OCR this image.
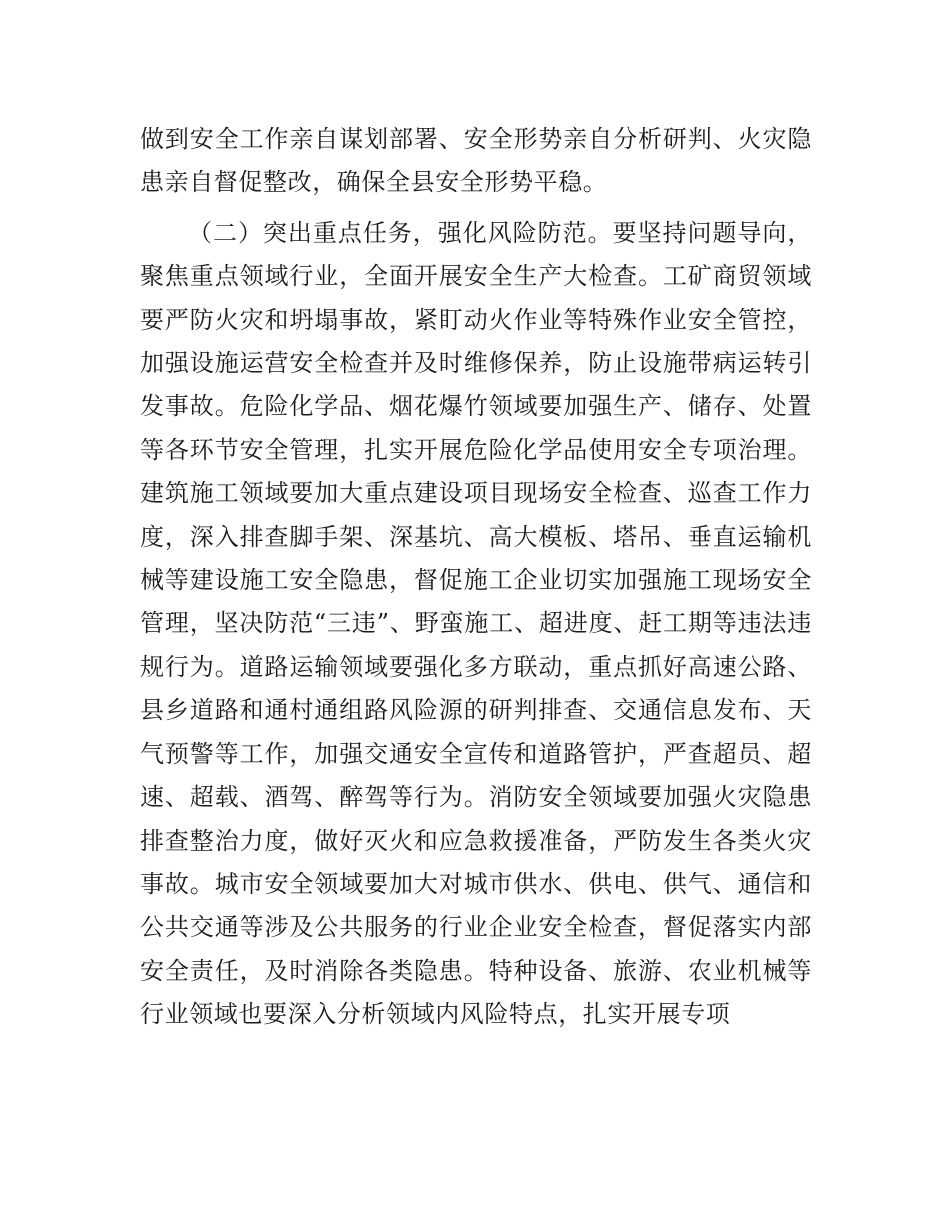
做到安全工作亲自谋划部署、安全形势亲自分析研判、火灾隐患亲自督促整改，确保全县安全形势平稳。

（二）突出重点任务，强化风险防范。要坚持问题导向，聚焦重点领域行业，全面开展安全生产大检查。工矿商贸领域要严防火灾和坍塌事故，紧盯动火作业等特殊作业安全管控，加强设施运营安全检查并及时维修保养，防止设施带病运转引发事故。危险化学品、烟花爆竹领域要加强生产、储存、处置等各环节安全管理，扎实开展危险化学品使用安全专项治理。建筑施工领域要加大重点建设项目现场安全检查、巡查工作力度，深入排查脚手架、深基坑、高大模板、塔吊、垂直运输机械等建设施工安全隐患，督促施工企业切实加强施工现场安全管理，坚决防范“三违”、野蛮施工、超进度、赶工期等违法违规行为。道路运输领域要强化多方联动，重点抓好高速公路、县乡道路和通村通组路风险源的研判排查、交通信息发布、天气预警等工作，加强交通安全宣传和道路管护，严查超员、超速、超载、酒驾、醉驾等行为。消防安全领域要加强火灾隐患排查整治力度，做好灭火和应急救援准备，严防发生各类火灾事故。城市安全领域要加大对城市供水、供电、供气、通信和公共交通等涉及公共服务的行业企业安全检查，督促落实内部安全责任，及时消除各类隐患。特种设备、旅游、农业机械等行业领域也要深入分析领域内风险特点，扎实开展专项
